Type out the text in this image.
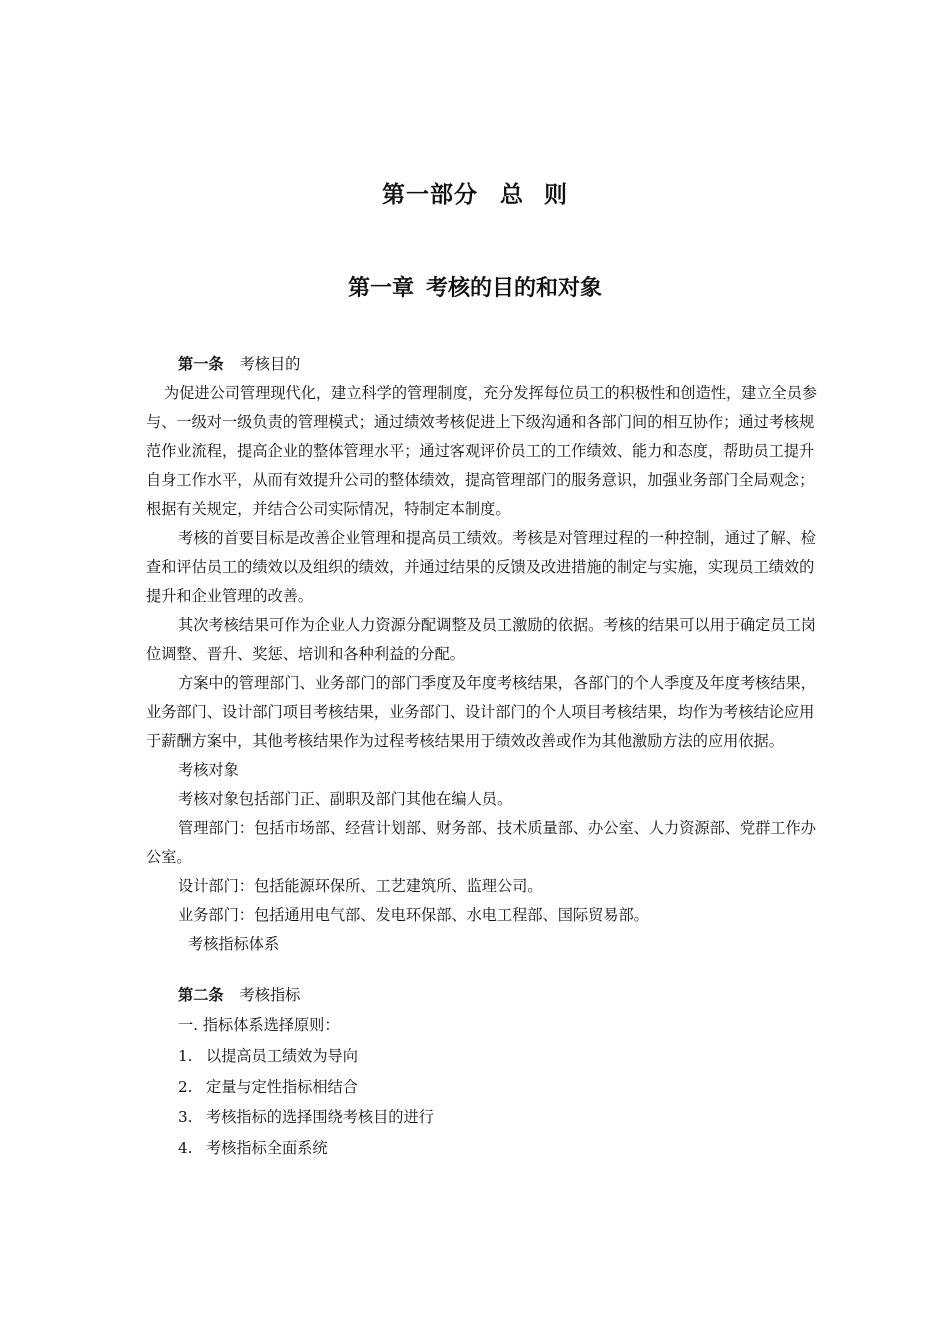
第一部分 总 则
第一章 考核的目的和对象
第一条 考核目的

为促进公司管理现代化，建立科学的管理制度，充分发挥每位员工的积极性和创造性，建立全员参与、一级对一级负责的管理模式；通过绩效考核促进上下级沟通和各部门间的相互协作；通过考核规范作业流程，提高企业的整体管理水平；通过客观评价员工的工作绩效、能力和态度，帮助员工提升自身工作水平，从而有效提升公司的整体绩效，提高管理部门的服务意识，加强业务部门全局观念；根据有关规定，并结合公司实际情况，特制定本制度。

考核的首要目标是改善企业管理和提高员工绩效。考核是对管理过程的一种控制，通过了解、检查和评估员工的绩效以及组织的绩效，并通过结果的反馈及改进措施的制定与实施，实现员工绩效的提升和企业管理的改善。

其次考核结果可作为企业人力资源分配调整及员工激励的依据。考核的结果可以用于确定员工岗位调整、晋升、奖惩、培训和各种利益的分配。

方案中的管理部门、业务部门的部门季度及年度考核结果，各部门的个人季度及年度考核结果，业务部门、设计部门项目考核结果，业务部门、设计部门的个人项目考核结果，均作为考核结论应用于薪酬方案中，其他考核结果作为过程考核结果用于绩效改善或作为其他激励方法的应用依据。

考核对象

考核对象包括部门正、副职及部门其他在编人员。

管理部门：包括市场部、经营计划部、财务部、技术质量部、办公室、人力资源部、党群工作办公室。

设计部门：包括能源环保所、工艺建筑所、监理公司。

业务部门：包括通用电气部、发电环保部、水电工程部、国际贸易部。

考核指标体系

第二条 考核指标

一. 指标体系选择原则：

1. 以提高员工绩效为导向
2. 定量与定性指标相结合
3. 考核指标的选择围绕考核目的进行
4. 考核指标全面系统
